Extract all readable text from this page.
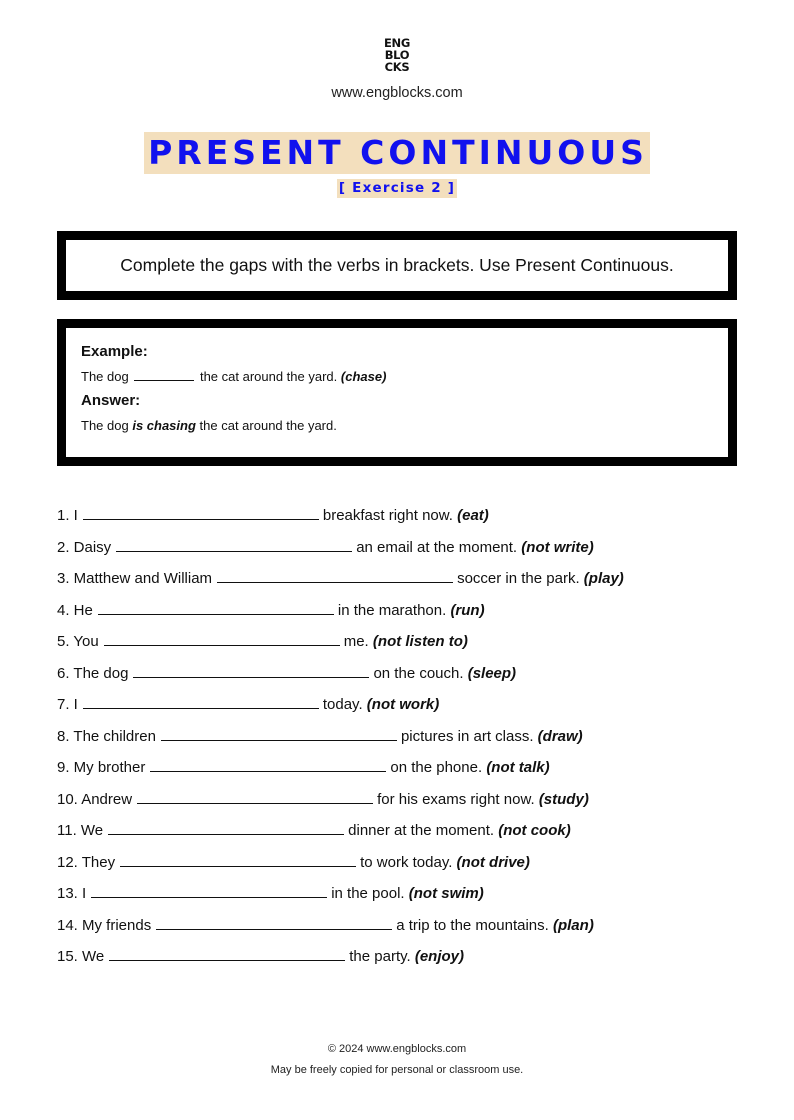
ENG
BLO
CKS
www.engblocks.com
PRESENT CONTINUOUS
[ Exercise 2 ]
Complete the gaps with the verbs in brackets. Use Present Continuous.
Example:
The dog	the cat around the yard. (chase)
Answer:
The dog is chasing the cat around the yard.
1. I	breakfast right now. (eat)
2. Daisy	an email at the moment. (not write)
3. Matthew and William	soccer in the park. (play)
4. He	in the marathon. (run)
5. You	me. (not listen to)
6. The dog	on the couch. (sleep)
7. I	today. (not work)
8. The children	pictures in art class. (draw)
9. My brother	on the phone. (not talk)
10. Andrew	for his exams right now. (study)
11. We	dinner at the moment. (not cook)
12. They	to work today. (not drive)
13. I	in the pool. (not swim)
14. My friends	a trip to the mountains. (plan)
15. We	the party. (enjoy)
© 2024 www.engblocks.com
May be freely copied for personal or classroom use.
